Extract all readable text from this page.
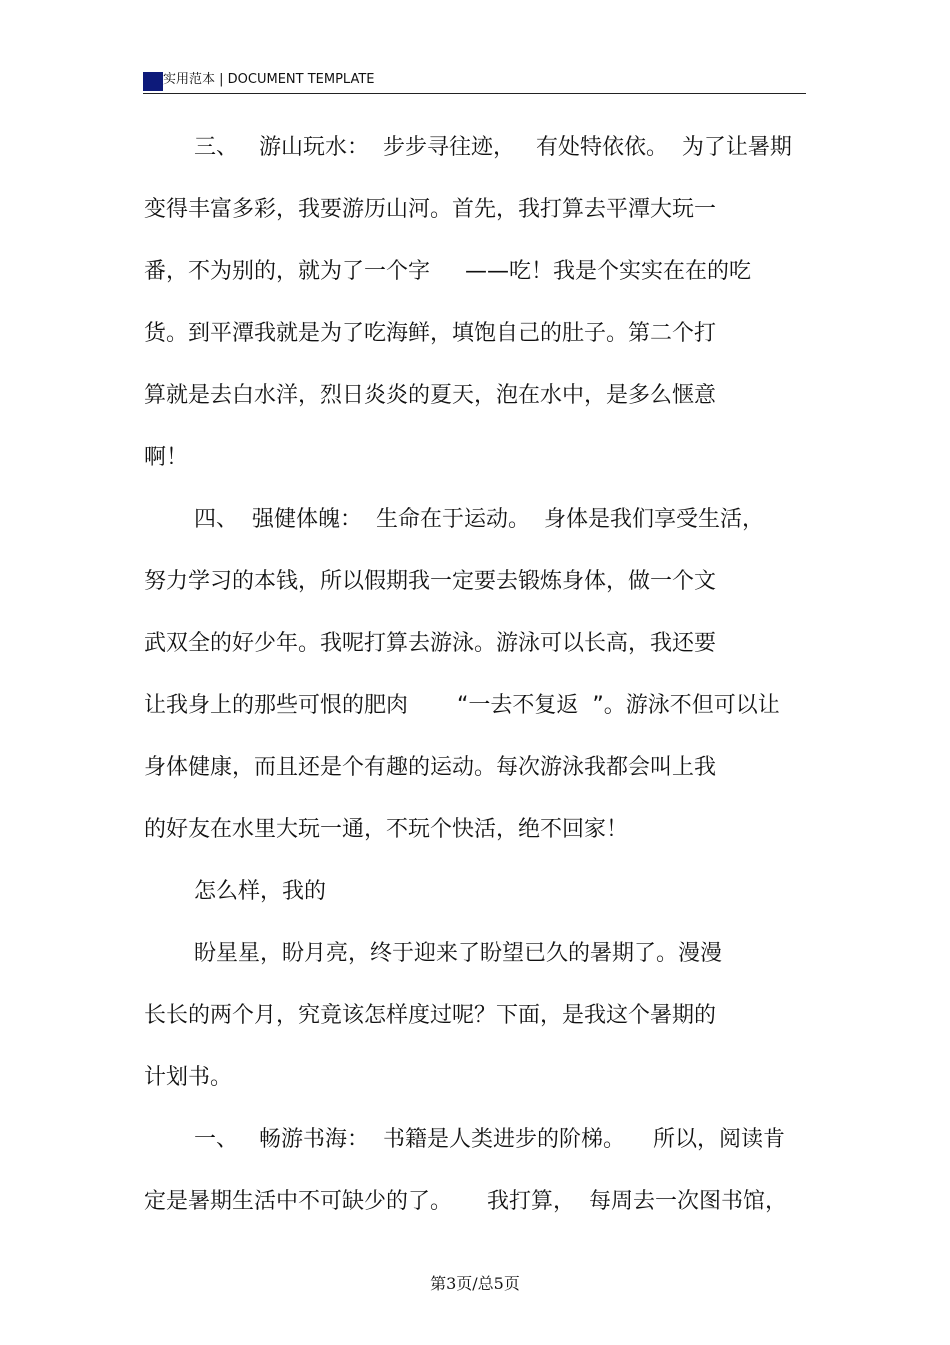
实用范本 | DOCUMENT TEMPLATE
三、   游山玩水：  步步寻往迹，   有处特依依。  为了让暑期
变得丰富多彩，我要游历山河。首先，我打算去平潭大玩一
番，不为别的，就为了一个字     ——吃！我是个实实在在的吃
货。到平潭我就是为了吃海鲜，填饱自己的肚子。第二个打
算就是去白水洋，烈日炎炎的夏天，泡在水中，是多么惬意
啊！
四、  强健体魄：  生命在于运动。  身体是我们享受生活，
努力学习的本钱，所以假期我一定要去锻炼身体，做一个文
武双全的好少年。我呢打算去游泳。游泳可以长高，我还要
让我身上的那些可恨的肥肉       “一去不复返  ”。游泳不但可以让
身体健康，而且还是个有趣的运动。每次游泳我都会叫上我
的好友在水里大玩一通，不玩个快活，绝不回家！
怎么样，我的
盼星星，盼月亮，终于迎来了盼望已久的暑期了。漫漫
长长的两个月，究竟该怎样度过呢？下面，是我这个暑期的
计划书。
一、   畅游书海：  书籍是人类进步的阶梯。    所以，阅读肯
定是暑期生活中不可缺少的了。     我打算，  每周去一次图书馆，
第3页/总5页
